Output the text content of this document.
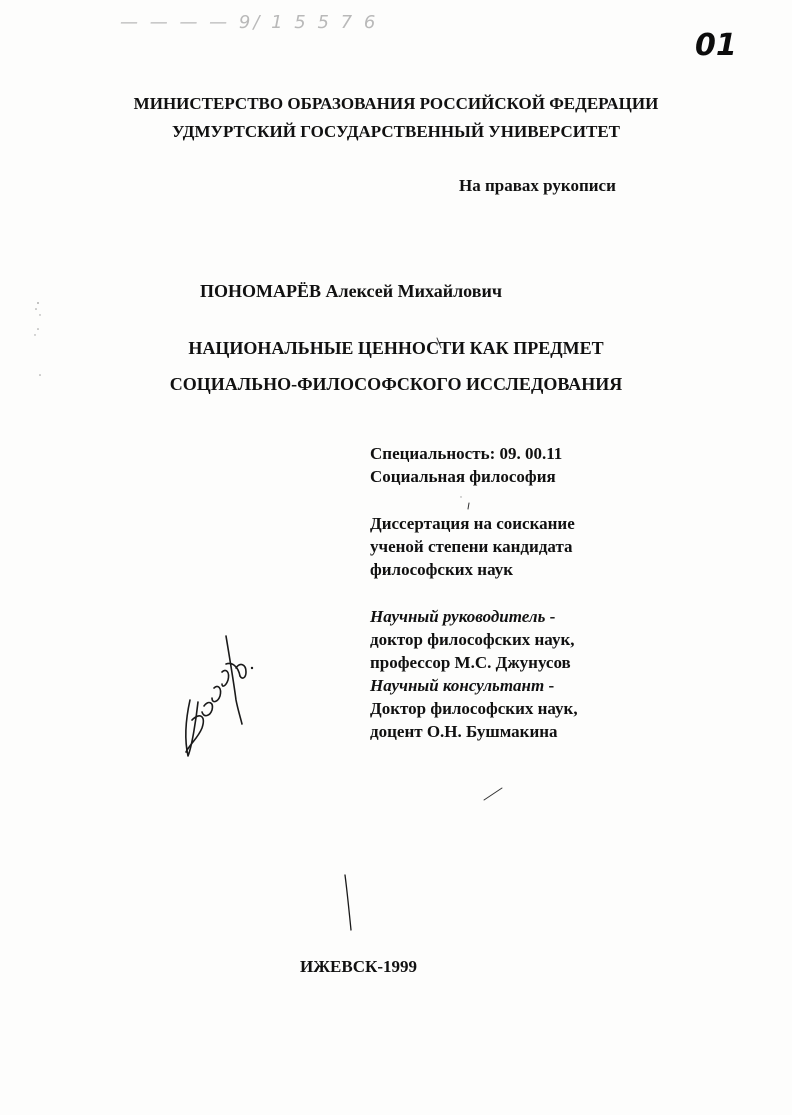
— — — — 9/ 1 5 5 7 6
01
МИНИСТЕРСТВО ОБРАЗОВАНИЯ РОССИЙСКОЙ ФЕДЕРАЦИИ
УДМУРТСКИЙ ГОСУДАРСТВЕННЫЙ УНИВЕРСИТЕТ
На правах рукописи
ПОНОМАРЁВ Алексей Михайлович
НАЦИОНАЛЬНЫЕ ЦЕННОСТИ КАК ПРЕДМЕТ
СОЦИАЛЬНО-ФИЛОСОФСКОГО ИССЛЕДОВАНИЯ
Специальность: 09. 00.11
Социальная философия
Диссертация на соискание
ученой степени кандидата
философских наук
Научный руководитель -
доктор философских наук,
профессор М.С. Джунусов
Научный консультант -
Доктор философских наук,
доцент О.Н. Бушмакина
ИЖЕВСК-1999
